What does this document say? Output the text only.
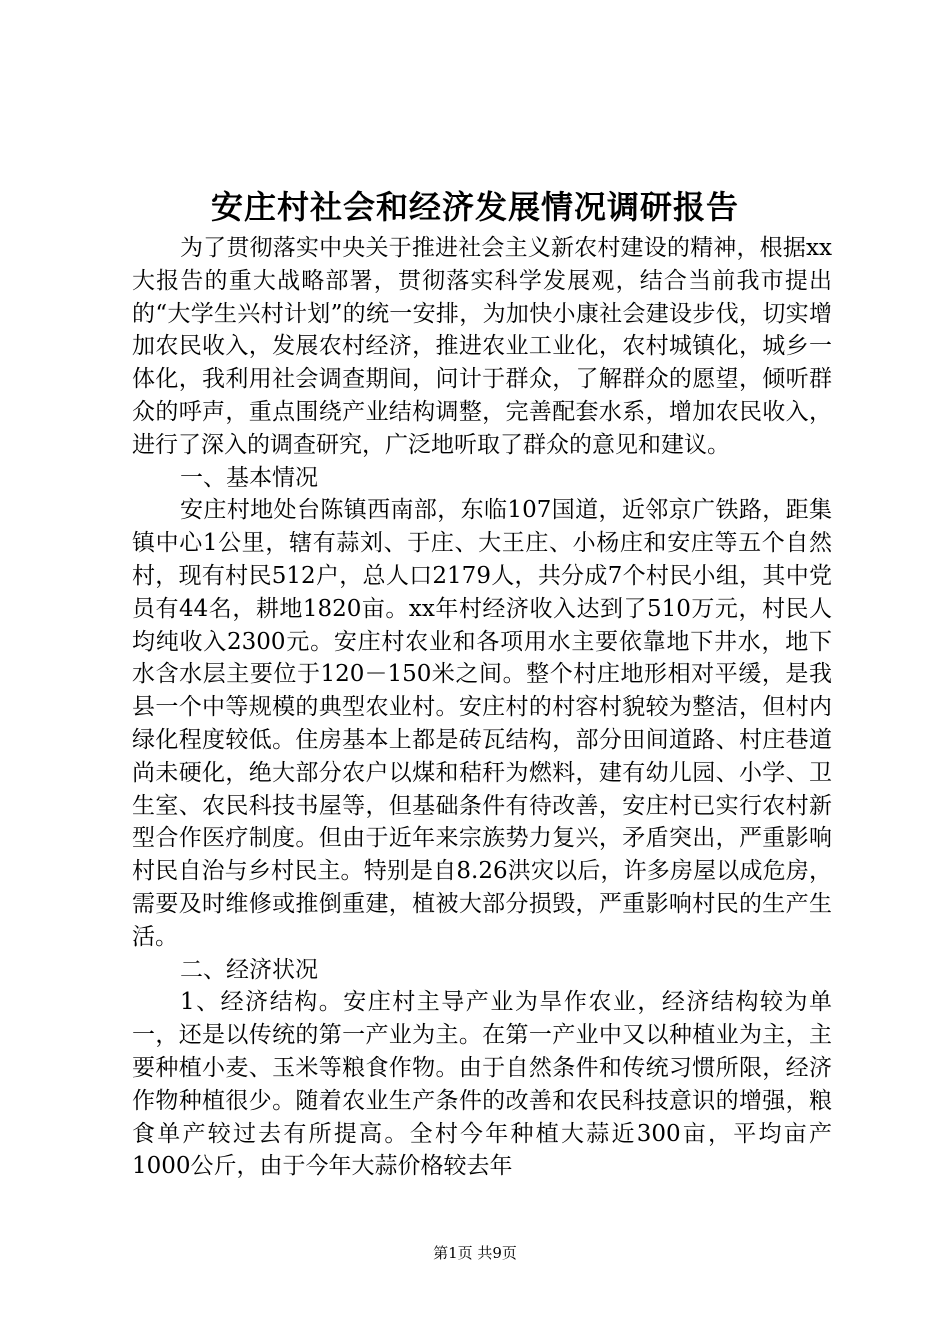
安庄村社会和经济发展情况调研报告

为了贯彻落实中央关于推进社会主义新农村建设的精神，根据xx大报告的重大战略部署，贯彻落实科学发展观，结合当前我市提出的“大学生兴村计划”的统一安排，为加快小康社会建设步伐，切实增加农民收入，发展农村经济，推进农业工业化，农村城镇化，城乡一体化，我利用社会调查期间，问计于群众，了解群众的愿望，倾听群众的呼声，重点围绕产业结构调整，完善配套水系，增加农民收入，进行了深入的调查研究，广泛地听取了群众的意见和建议。

一、基本情况

安庄村地处台陈镇西南部，东临107国道，近邻京广铁路，距集镇中心1公里，辖有蒜刘、于庄、大王庄、小杨庄和安庄等五个自然村，现有村民512户，总人口2179人，共分成7个村民小组，其中党员有44名，耕地1820亩。xx年村经济收入达到了510万元，村民人均纯收入2300元。安庄村农业和各项用水主要依靠地下井水，地下水含水层主要位于120－150米之间。整个村庄地形相对平缓，是我县一个中等规模的典型农业村。安庄村的村容村貌较为整洁，但村内绿化程度较低。住房基本上都是砖瓦结构，部分田间道路、村庄巷道尚未硬化，绝大部分农户以煤和秸秆为燃料，建有幼儿园、小学、卫生室、农民科技书屋等，但基础条件有待改善，安庄村已实行农村新型合作医疗制度。但由于近年来宗族势力复兴，矛盾突出，严重影响村民自治与乡村民主。特别是自8.26洪灾以后，许多房屋以成危房，需要及时维修或推倒重建，植被大部分损毁，严重影响村民的生产生活。

二、经济状况

1、经济结构。安庄村主导产业为旱作农业，经济结构较为单一，还是以传统的第一产业为主。在第一产业中又以种植业为主，主要种植小麦、玉米等粮食作物。由于自然条件和传统习惯所限，经济作物种植很少。随着农业生产条件的改善和农民科技意识的增强，粮食单产较过去有所提高。全村今年种植大蒜近300亩，平均亩产1000公斤，由于今年大蒜价格较去年

第1页 共9页
